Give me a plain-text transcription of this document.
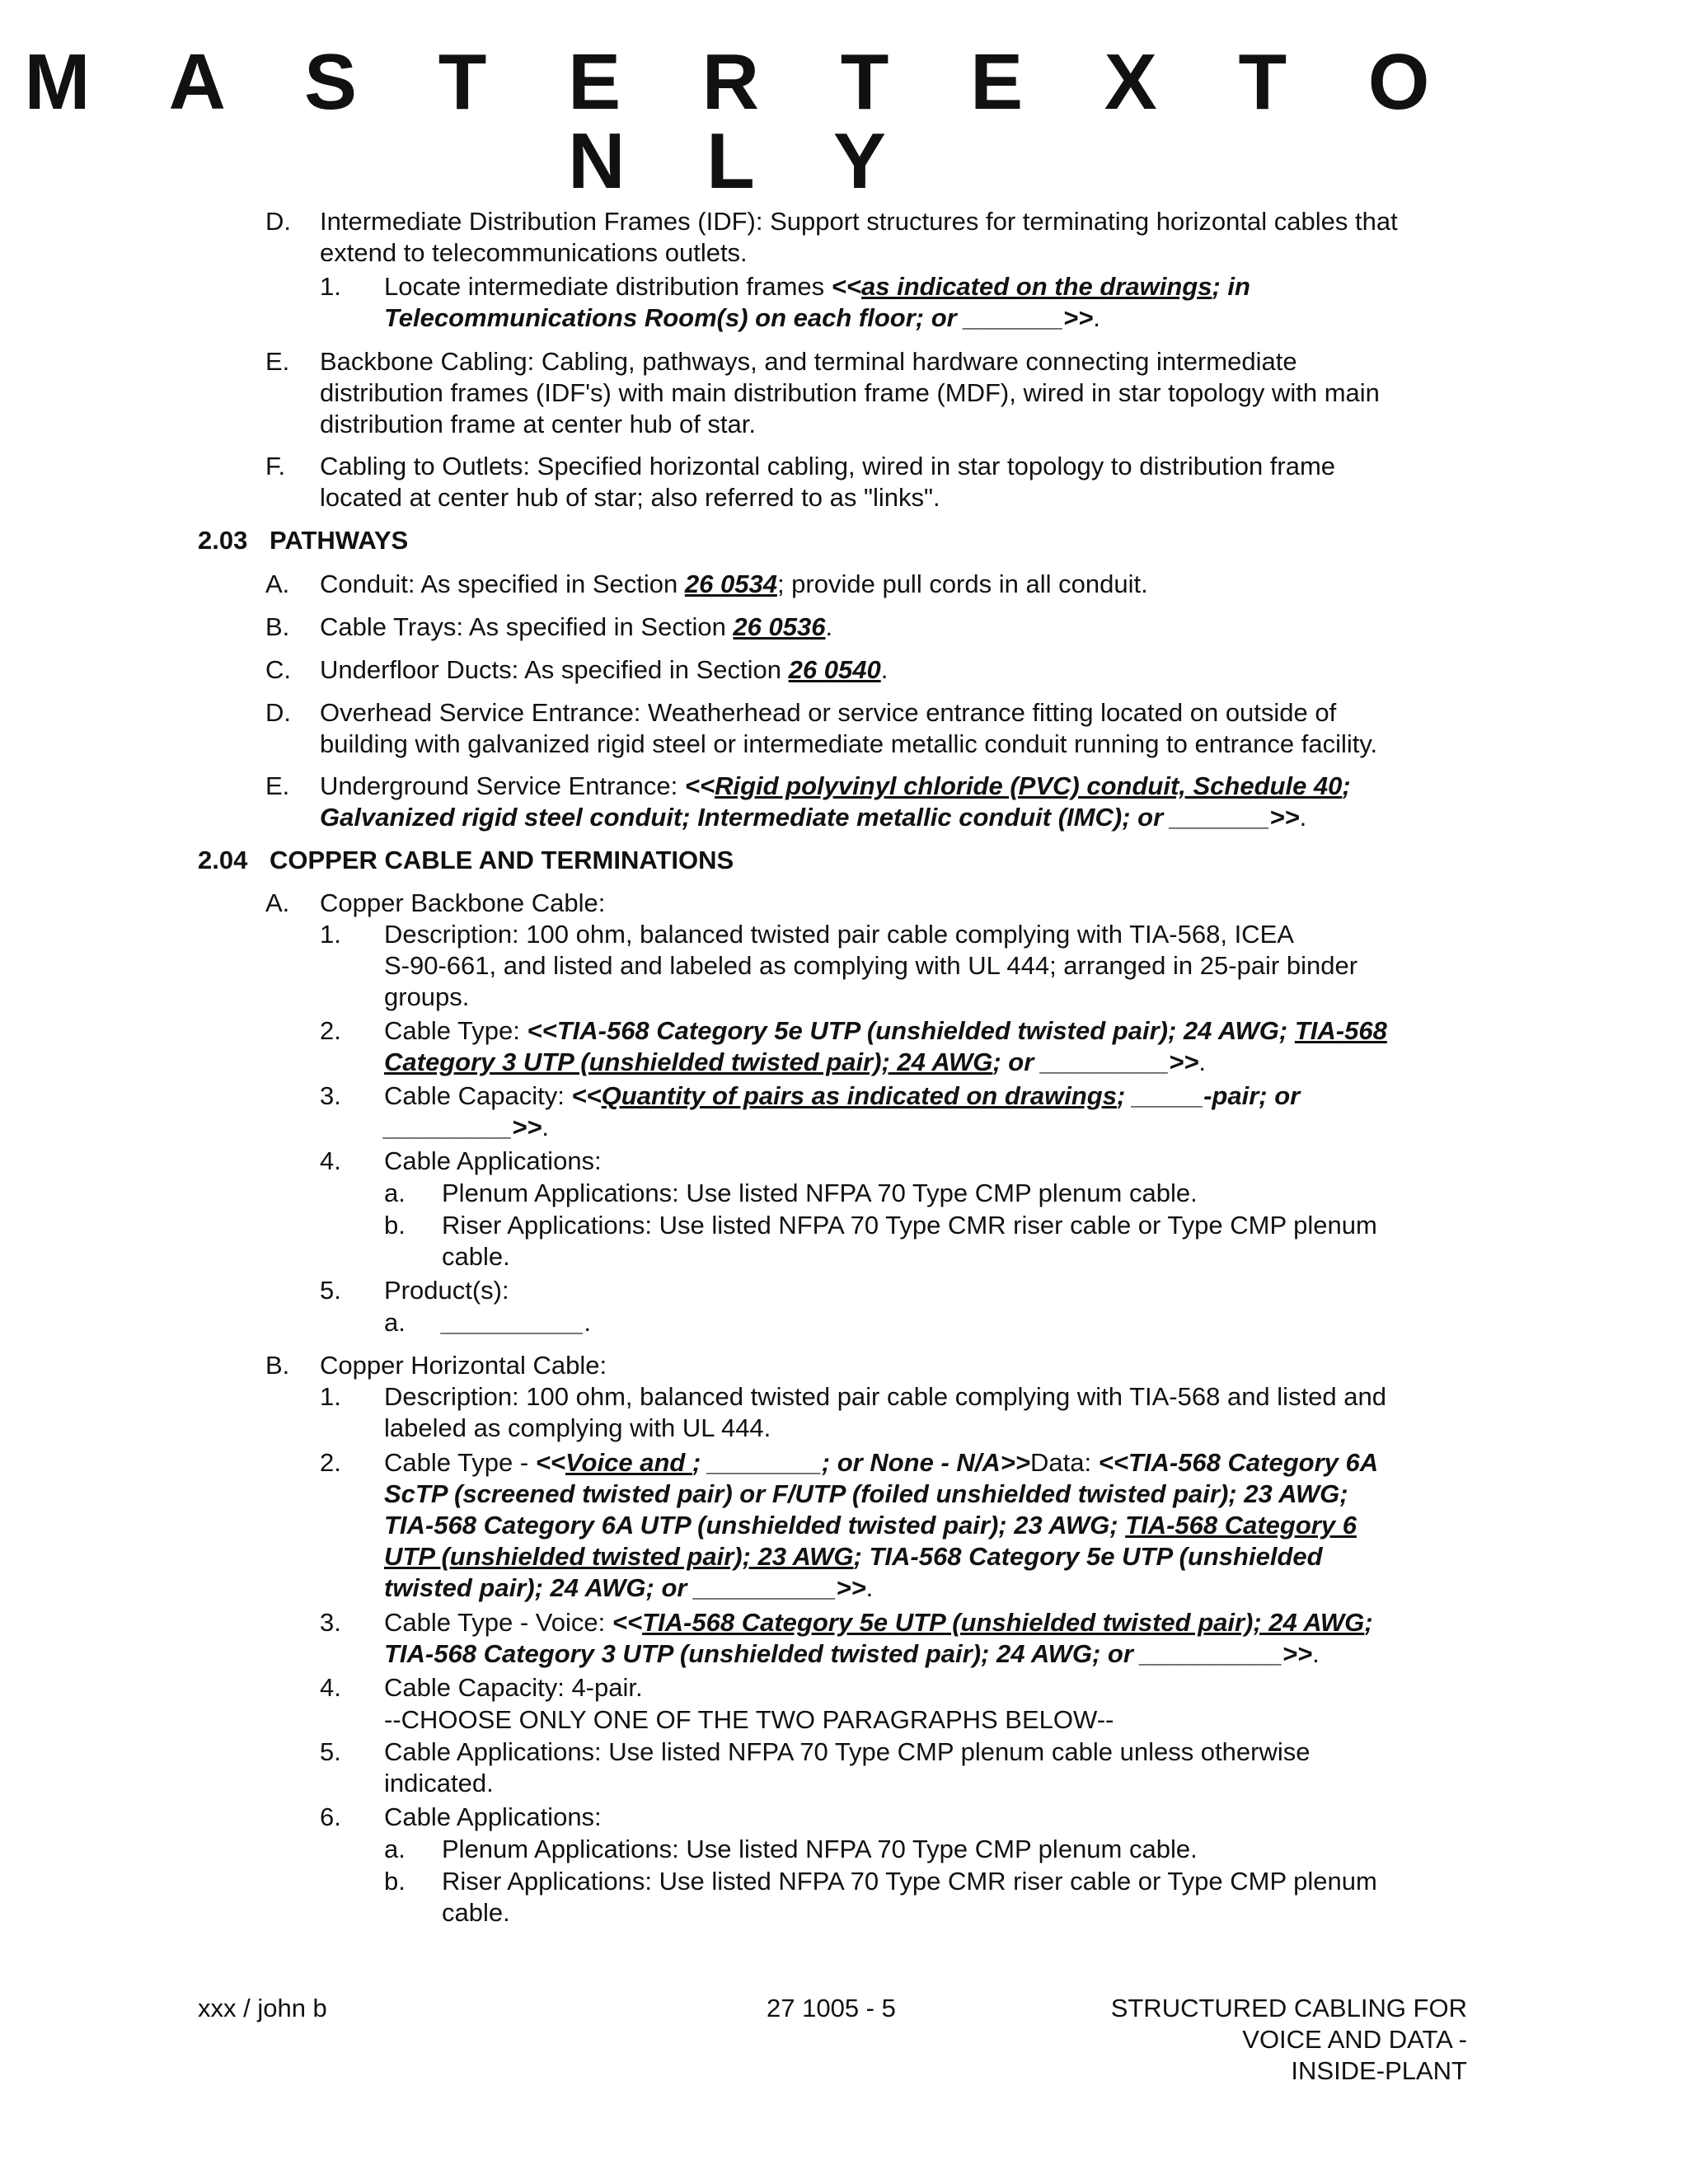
M A S T E R T E X T O N L Y
D. Intermediate Distribution Frames (IDF): Support structures for terminating horizontal cables that
extend to telecommunications outlets.
1. Locate intermediate distribution frames <<as indicated on the drawings; in
Telecommunications Room(s) on each floor; or _______>>.
E. Backbone Cabling: Cabling, pathways, and terminal hardware connecting intermediate
distribution frames (IDF's) with main distribution frame (MDF), wired in star topology with main
distribution frame at center hub of star.
F. Cabling to Outlets: Specified horizontal cabling, wired in star topology to distribution frame
located at center hub of star; also referred to as "links".
2.03 PATHWAYS
A. Conduit: As specified in Section 26 0534; provide pull cords in all conduit.
B. Cable Trays: As specified in Section 26 0536.
C. Underfloor Ducts: As specified in Section 26 0540.
D. Overhead Service Entrance: Weatherhead or service entrance fitting located on outside of
building with galvanized rigid steel or intermediate metallic conduit running to entrance facility.
E. Underground Service Entrance: <<Rigid polyvinyl chloride (PVC) conduit, Schedule 40;
Galvanized rigid steel conduit; Intermediate metallic conduit (IMC); or _______>>.
2.04 COPPER CABLE AND TERMINATIONS
A. Copper Backbone Cable:
1. Description: 100 ohm, balanced twisted pair cable complying with TIA-568, ICEA
S-90-661, and listed and labeled as complying with UL 444; arranged in 25-pair binder
groups.
2. Cable Type: <<TIA-568 Category 5e UTP (unshielded twisted pair); 24 AWG; TIA-568
Category 3 UTP (unshielded twisted pair); 24 AWG; or _________>>.
3. Cable Capacity: <<Quantity of pairs as indicated on drawings; _____-pair; or
_________>>.
4. Cable Applications:
a. Plenum Applications: Use listed NFPA 70 Type CMP plenum cable.
b. Riser Applications: Use listed NFPA 70 Type CMR riser cable or Type CMP plenum
cable.
5. Product(s):
a. __________.
B. Copper Horizontal Cable:
1. Description: 100 ohm, balanced twisted pair cable complying with TIA-568 and listed and
labeled as complying with UL 444.
2. Cable Type - <<Voice and ; ________; or None - N/A>>Data: <<TIA-568 Category 6A
ScTP (screened twisted pair) or F/UTP (foiled unshielded twisted pair); 23 AWG;
TIA-568 Category 6A UTP (unshielded twisted pair); 23 AWG; TIA-568 Category 6
UTP (unshielded twisted pair); 23 AWG; TIA-568 Category 5e UTP (unshielded
twisted pair); 24 AWG; or __________>>.
3. Cable Type - Voice: <<TIA-568 Category 5e UTP (unshielded twisted pair); 24 AWG;
TIA-568 Category 3 UTP (unshielded twisted pair); 24 AWG; or __________>>.
4. Cable Capacity: 4-pair.
--CHOOSE ONLY ONE OF THE TWO PARAGRAPHS BELOW--
5. Cable Applications: Use listed NFPA 70 Type CMP plenum cable unless otherwise
indicated.
6. Cable Applications:
a. Plenum Applications: Use listed NFPA 70 Type CMP plenum cable.
b. Riser Applications: Use listed NFPA 70 Type CMR riser cable or Type CMP plenum
cable.
xxx / john b	27 1005 - 5	STRUCTURED CABLING FOR
VOICE AND DATA -
INSIDE-PLANT
